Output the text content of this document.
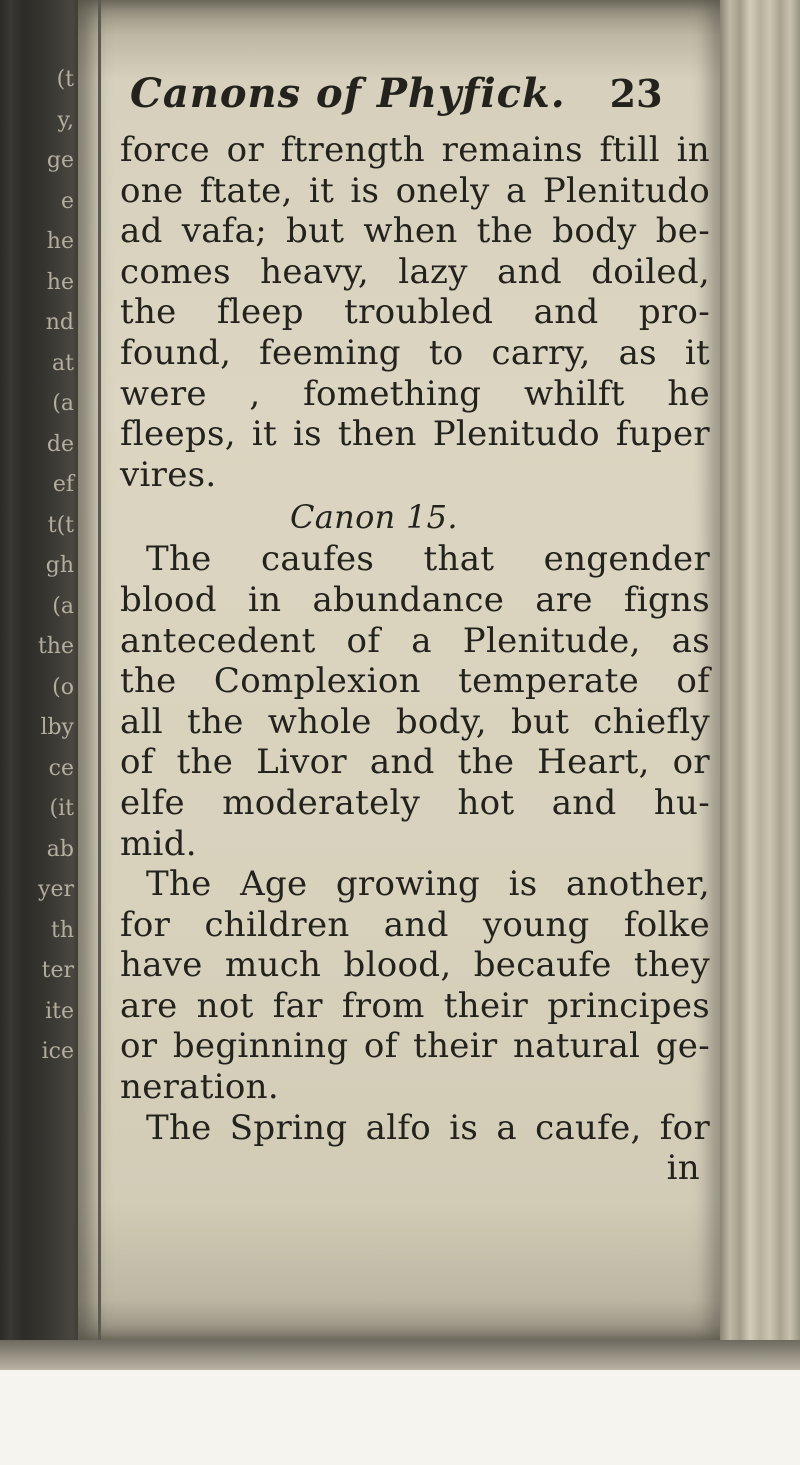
(t
y,
ge
e
he
he
nd
at
(a
de
ef
t(t
gh
(a
the
(o
lby
ce
(it
ab
yer
th
ter
ite
ice
Canons of Phyfick. 23
force or ftrength remains ftill in
one ftate, it is onely a Plenitudo
ad vafa; but when the body be-
comes heavy, lazy and doiled,
the fleep troubled and pro-
found, feeming to carry, as it
were , fomething whilft he
fleeps, it is then Plenitudo fuper
vires.
Canon 15.
The caufes that engender
blood in abundance are figns
antecedent of a Plenitude, as
the Complexion temperate of
all the whole body, but chiefly
of the Livor and the Heart, or
elfe moderately hot and hu-
mid.
The Age growing is another,
for children and young folke
have much blood, becaufe they
are not far from their principes
or beginning of their natural ge-
neration.
The Spring alfo is a caufe, for
in
